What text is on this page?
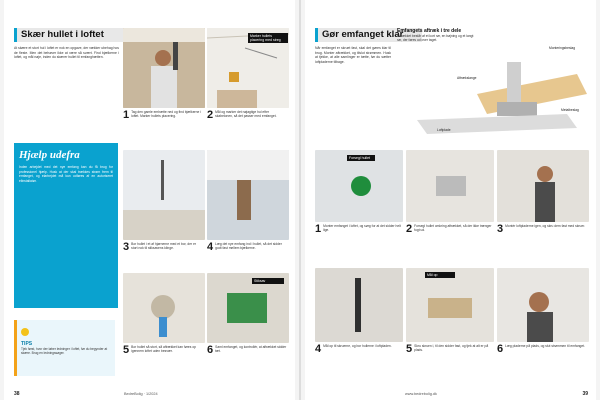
Skær hullet i loftet
At skære et stort hul i loftet er nok en opgave, der vækker ubehag hos de fleste. Men det behøver ikke at være så svært. Find bjælkerne i loftet, og mål nøje, inden du skærer hullet til emfanghætten.
Marker hullets placering med streg
1 Tag den gamle emhætte ned og find bjælkerne i loftet. Marker hullets placering.	2 Mål og marker det nøjagtige hul efter skabelonen, så det passer med emfanget.
Hjælp udefra
Inden arbejdet med det nye emfang kan du få brug for professionel hjælp. Husk at der skal trækkes strøm frem til emfanget, og elarbejdet må kun udføres af en autoriseret elinstallatør.
TIPS
Tjek først, hvor der løber ledninger i loftet, før du begynder at skære. Brug en ledningssøger.
3 Bor hullet i et af hjørnerne med et bor, der er stort nok til stiksavens klinge.	4 Læg det nye emfang ind i hullet, så det sidder godt fast mellem bjælkerne.
Stiksav
5 Bor hullet så stort, så aftrækket kan føres op igennem loftet uden besvær.	6 Saml emfanget, og kontrollér, at aftrækket sidder tæt.
38	BedreBolig · 1/2024
Gør emfanget klar
Når emfanget er skruet fast, skal det gøres klar til brug. Monter aftrækket, og tilslut strømmen. Husk at tjekke, at alle samlinger er tætte, før du sætter loftpladerne tilbage.
Emfangets aftræk i tre dele
Aftrækket består af et kort rør, en bøjning og et langt rør, der føres ud over taget.
Monteringsbeslag
Aftrækslange
Metalbeslag
Loftplade
Forsegl hullet
1 Monter emfanget i loftet, og sørg for at det sidder helt lige.	2 Forsegl hullet omkring aftrækket, så der ikke trænger fugt ud.	3 Montér loftpladerne igen, og skru dem fast med skruer.
Mål op
4 Mål op til skruerne, og bor hullerne i loftpladen.	5 Skru skruen i, til den sidder fast, og tjek at alt er på plads.	6 Læg pladerne på plads, og slut strømmen til emfanget.
www.bedrebolig.dk	39
